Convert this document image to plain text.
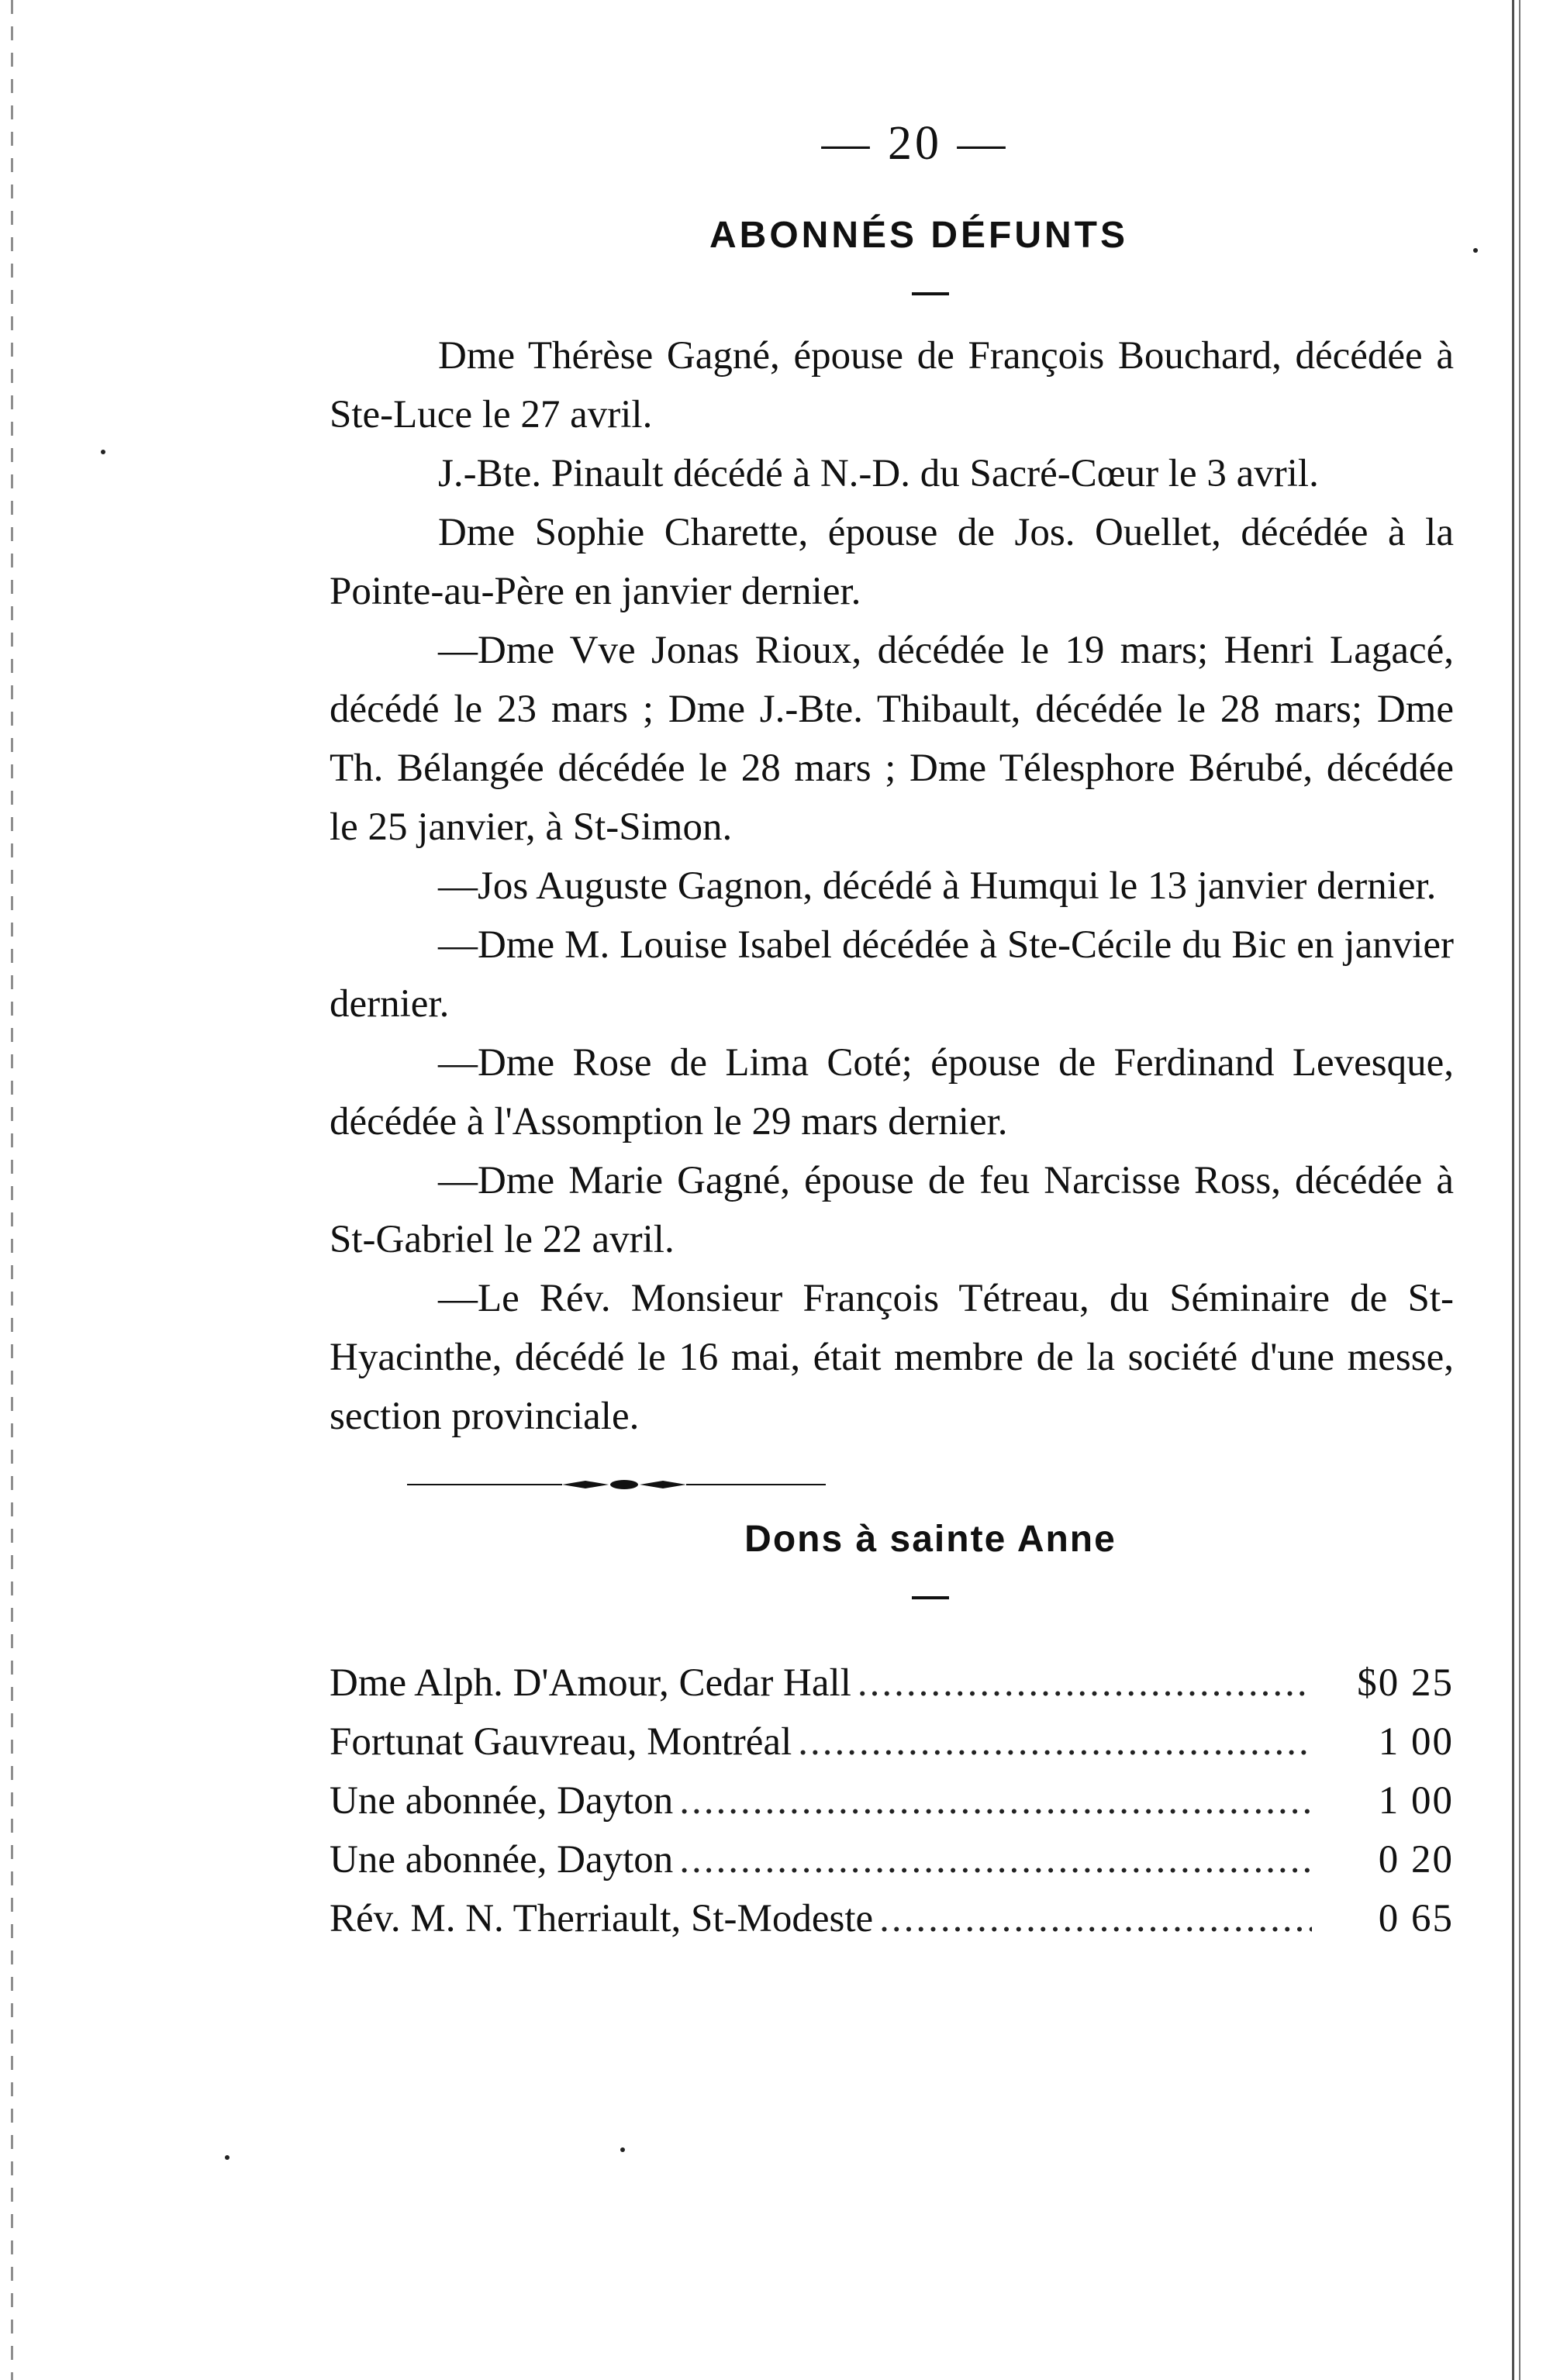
— 20 —
ABONNÉS DÉFUNTS

Dme Thérèse Gagné, épouse de François Bouchard, décédée à Ste-Luce le 27 avril.

J.-Bte. Pinault décédé à N.-D. du Sacré-Cœur le 3 avril.

Dme Sophie Charette, épouse de Jos. Ouellet, décédée à la Pointe-au-Père en janvier dernier.

—Dme Vve Jonas Rioux, décédée le 19 mars; Henri Lagacé, décédé le 23 mars ; Dme J.-Bte. Thibault, décédée le 28 mars; Dme Th. Bélangée décédée le 28 mars ; Dme Télesphore Bérubé, décédée le 25 janvier, à St-Simon.

—Jos Auguste Gagnon, décédé à Humqui le 13 janvier dernier.

—Dme M. Louise Isabel décédée à Ste-Cécile du Bic en janvier dernier.

—Dme Rose de Lima Coté; épouse de Ferdinand Levesque, décédée à l'Assomption le 29 mars dernier.

—Dme Marie Gagné, épouse de feu Narcisse Ross, décédée à St-Gabriel le 22 avril.

—Le Rév. Monsieur François Tétreau, du Séminaire de St-Hyacinthe, décédé le 16 mai, était membre de la société d'une messe, section provinciale.

Dons à sainte Anne
Dme Alph. D'Amour, Cedar Hall .....	$0 25
Fortunat Gauvreau, Montréal .....	1 00
Une abonnée, Dayton .....	1 00
Une abonnée, Dayton .....	0 20
Rév. M. N. Therriault, St-Modeste .....	0 65
